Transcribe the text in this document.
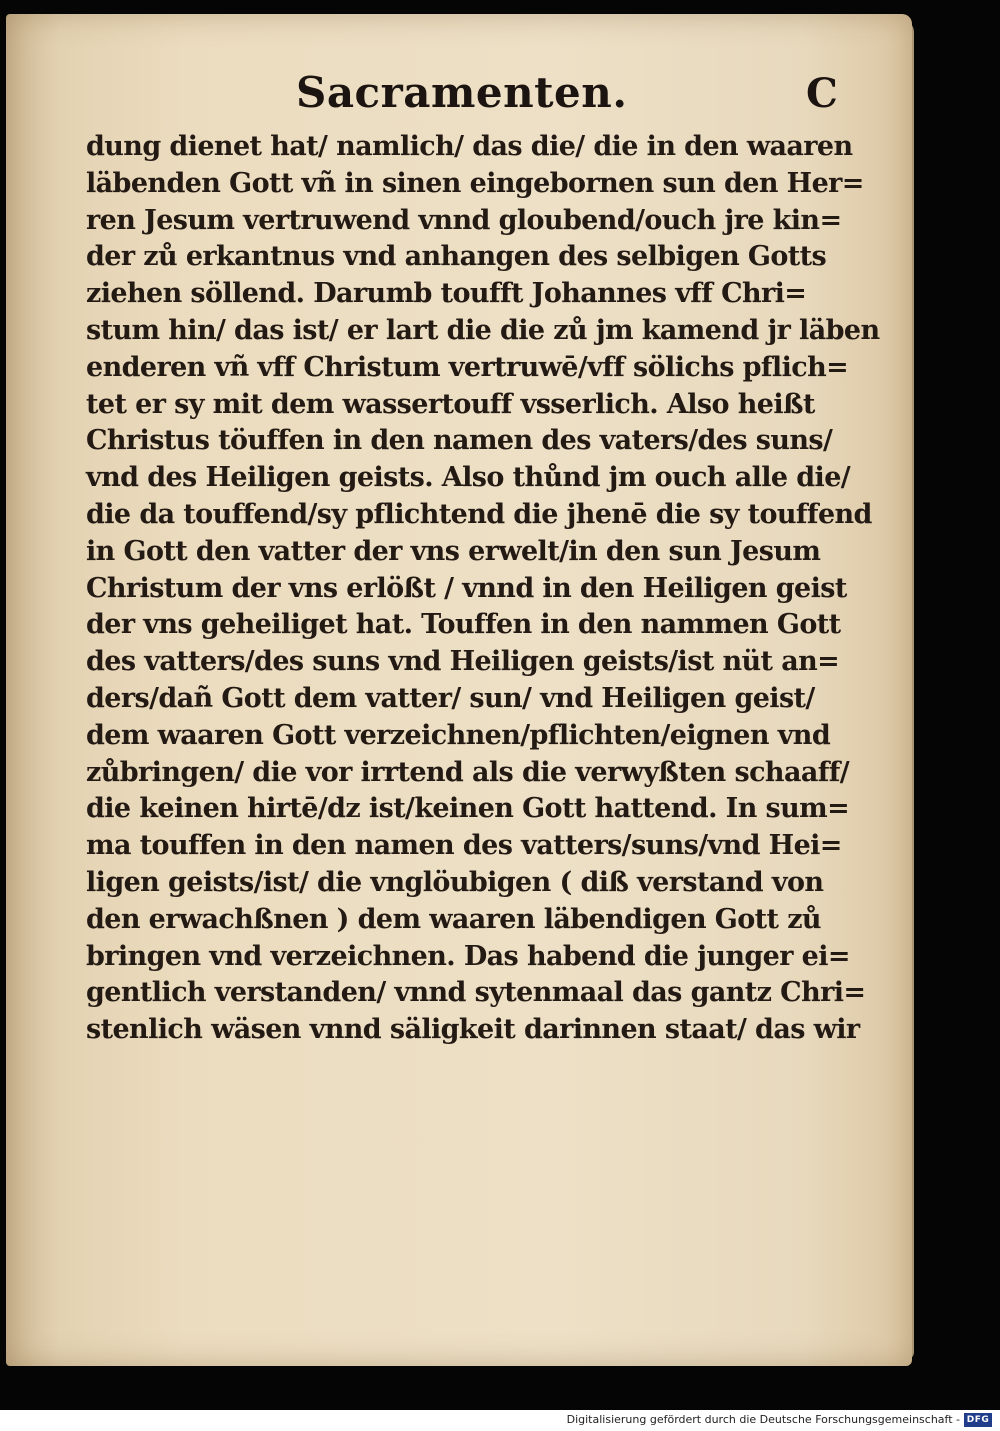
Sacramenten.	C
dung dienet hat/ namlich/ das die/ die in den waaren
läbenden Gott vñ in sinen eingebornen sun den Her=
ren Jesum vertruwend vnnd gloubend/ouch jre kin=
der zů erkantnus vnd anhangen des selbigen Gotts
ziehen söllend. Darumb toufft Johannes vff Chri=
stum hin/ das ist/ er lart die die zů jm kamend jr läben
enderen vñ vff Christum vertruwē/vff sölichs pflich=
tet er sy mit dem wassertouff vsserlich. Also heißt
Christus töuffen in den namen des vaters/des suns/
vnd des Heiligen geists. Also thůnd jm ouch alle die/
die da touffend/sy pflichtend die jhenē die sy touffend
in Gott den vatter der vns erwelt/in den sun Jesum
Christum der vns erlößt / vnnd in den Heiligen geist
der vns geheiliget hat. Touffen in den nammen Gott
des vatters/des suns vnd Heiligen geists/ist nüt an=
ders/dañ Gott dem vatter/ sun/ vnd Heiligen geist/
dem waaren Gott verzeichnen/pflichten/eignen vnd
zůbringen/ die vor irrtend als die verwyßten schaaff/
die keinen hirtē/dz ist/keinen Gott hattend. In sum=
ma touffen in den namen des vatters/suns/vnd Hei=
ligen geists/ist/ die vnglöubigen ( diß verstand von
den erwachßnen ) dem waaren läbendigen Gott zů
bringen vnd verzeichnen. Das habend die junger ei=
gentlich verstanden/ vnnd sytenmaal das gantz Chri=
stenlich wäsen vnnd säligkeit darinnen staat/ das wir
Digitalisierung gefördert durch die Deutsche Forschungsgemeinschaft - DFG
